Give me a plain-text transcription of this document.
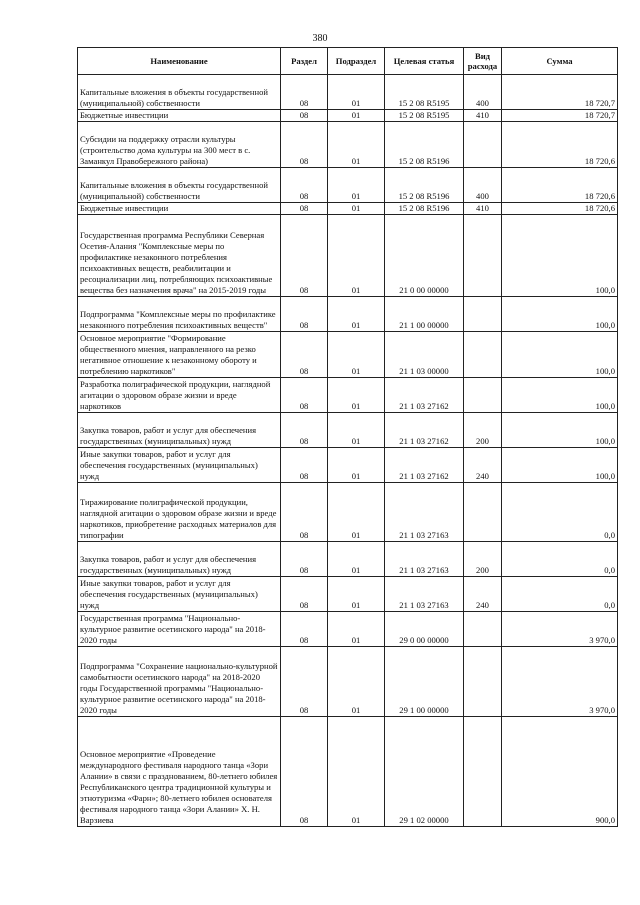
380
Наименование	Раздел	Подраздел	Целевая статья	Вид расхода	Сумма
Капитальные вложения в объекты государственной (муниципальной) собственности	08	01	15 2 08 R5195	400	18 720,7
Бюджетные инвестиции	08	01	15 2 08 R5195	410	18 720,7
Субсидии на поддержку отрасли культуры (строительство дома культуры на 300 мест в с. Заманкул Правобережного района)	08	01	15 2 08 R5196		18 720,6
Капитальные вложения в объекты государственной (муниципальной) собственности	08	01	15 2 08 R5196	400	18 720,6
Бюджетные инвестиции	08	01	15 2 08 R5196	410	18 720,6
Государственная программа Республики Северная Осетия-Алания "Комплексные меры по профилактике незаконного потребления психоактивных веществ, реабилитации и ресоциализации лиц, потребляющих психоактивные вещества без назначения врача" на 2015-2019 годы	08	01	21 0 00 00000		100,0
Подпрограмма "Комплексные меры по профилактике незаконного потребления психоактивных веществ"	08	01	21 1 00 00000		100,0
Основное мероприятие "Формирование общественного мнения, направленного на резко негативное отношение к незаконному обороту и потреблению наркотиков"	08	01	21 1 03 00000		100,0
Разработка полиграфической продукции, наглядной агитации о здоровом образе жизни и вреде наркотиков	08	01	21 1 03 27162		100,0
Закупка товаров, работ и услуг для обеспечения государственных (муниципальных) нужд	08	01	21 1 03 27162	200	100,0
Иные закупки товаров, работ и услуг для обеспечения государственных (муниципальных) нужд	08	01	21 1 03 27162	240	100,0
Тиражирование полиграфической продукции, наглядной агитации о здоровом образе жизни и вреде наркотиков, приобретение расходных материалов для типографии	08	01	21 1 03 27163		0,0
Закупка товаров, работ и услуг для обеспечения государственных (муниципальных) нужд	08	01	21 1 03 27163	200	0,0
Иные закупки товаров, работ и услуг для обеспечения государственных (муниципальных) нужд	08	01	21 1 03 27163	240	0,0
Государственная программа "Национально-культурное развитие осетинского народа" на 2018-2020 годы	08	01	29 0 00 00000		3 970,0
Подпрограмма "Сохранение национально-культурной самобытности осетинского народа" на 2018-2020 годы Государственной программы "Национально-культурное развитие осетинского народа" на 2018-2020 годы	08	01	29 1 00 00000		3 970,0
Основное мероприятие «Проведение международного фестиваля народного танца «Зори Алании» в связи с празднованием, 80-летнего юбилея Республиканского центра традиционной культуры и этнотуризма «Фарн»; 80-летнего юбилея основателя фестиваля народного танца «Зори Алании» Х. Н. Варзиева	08	01	29 1 02 00000		900,0
